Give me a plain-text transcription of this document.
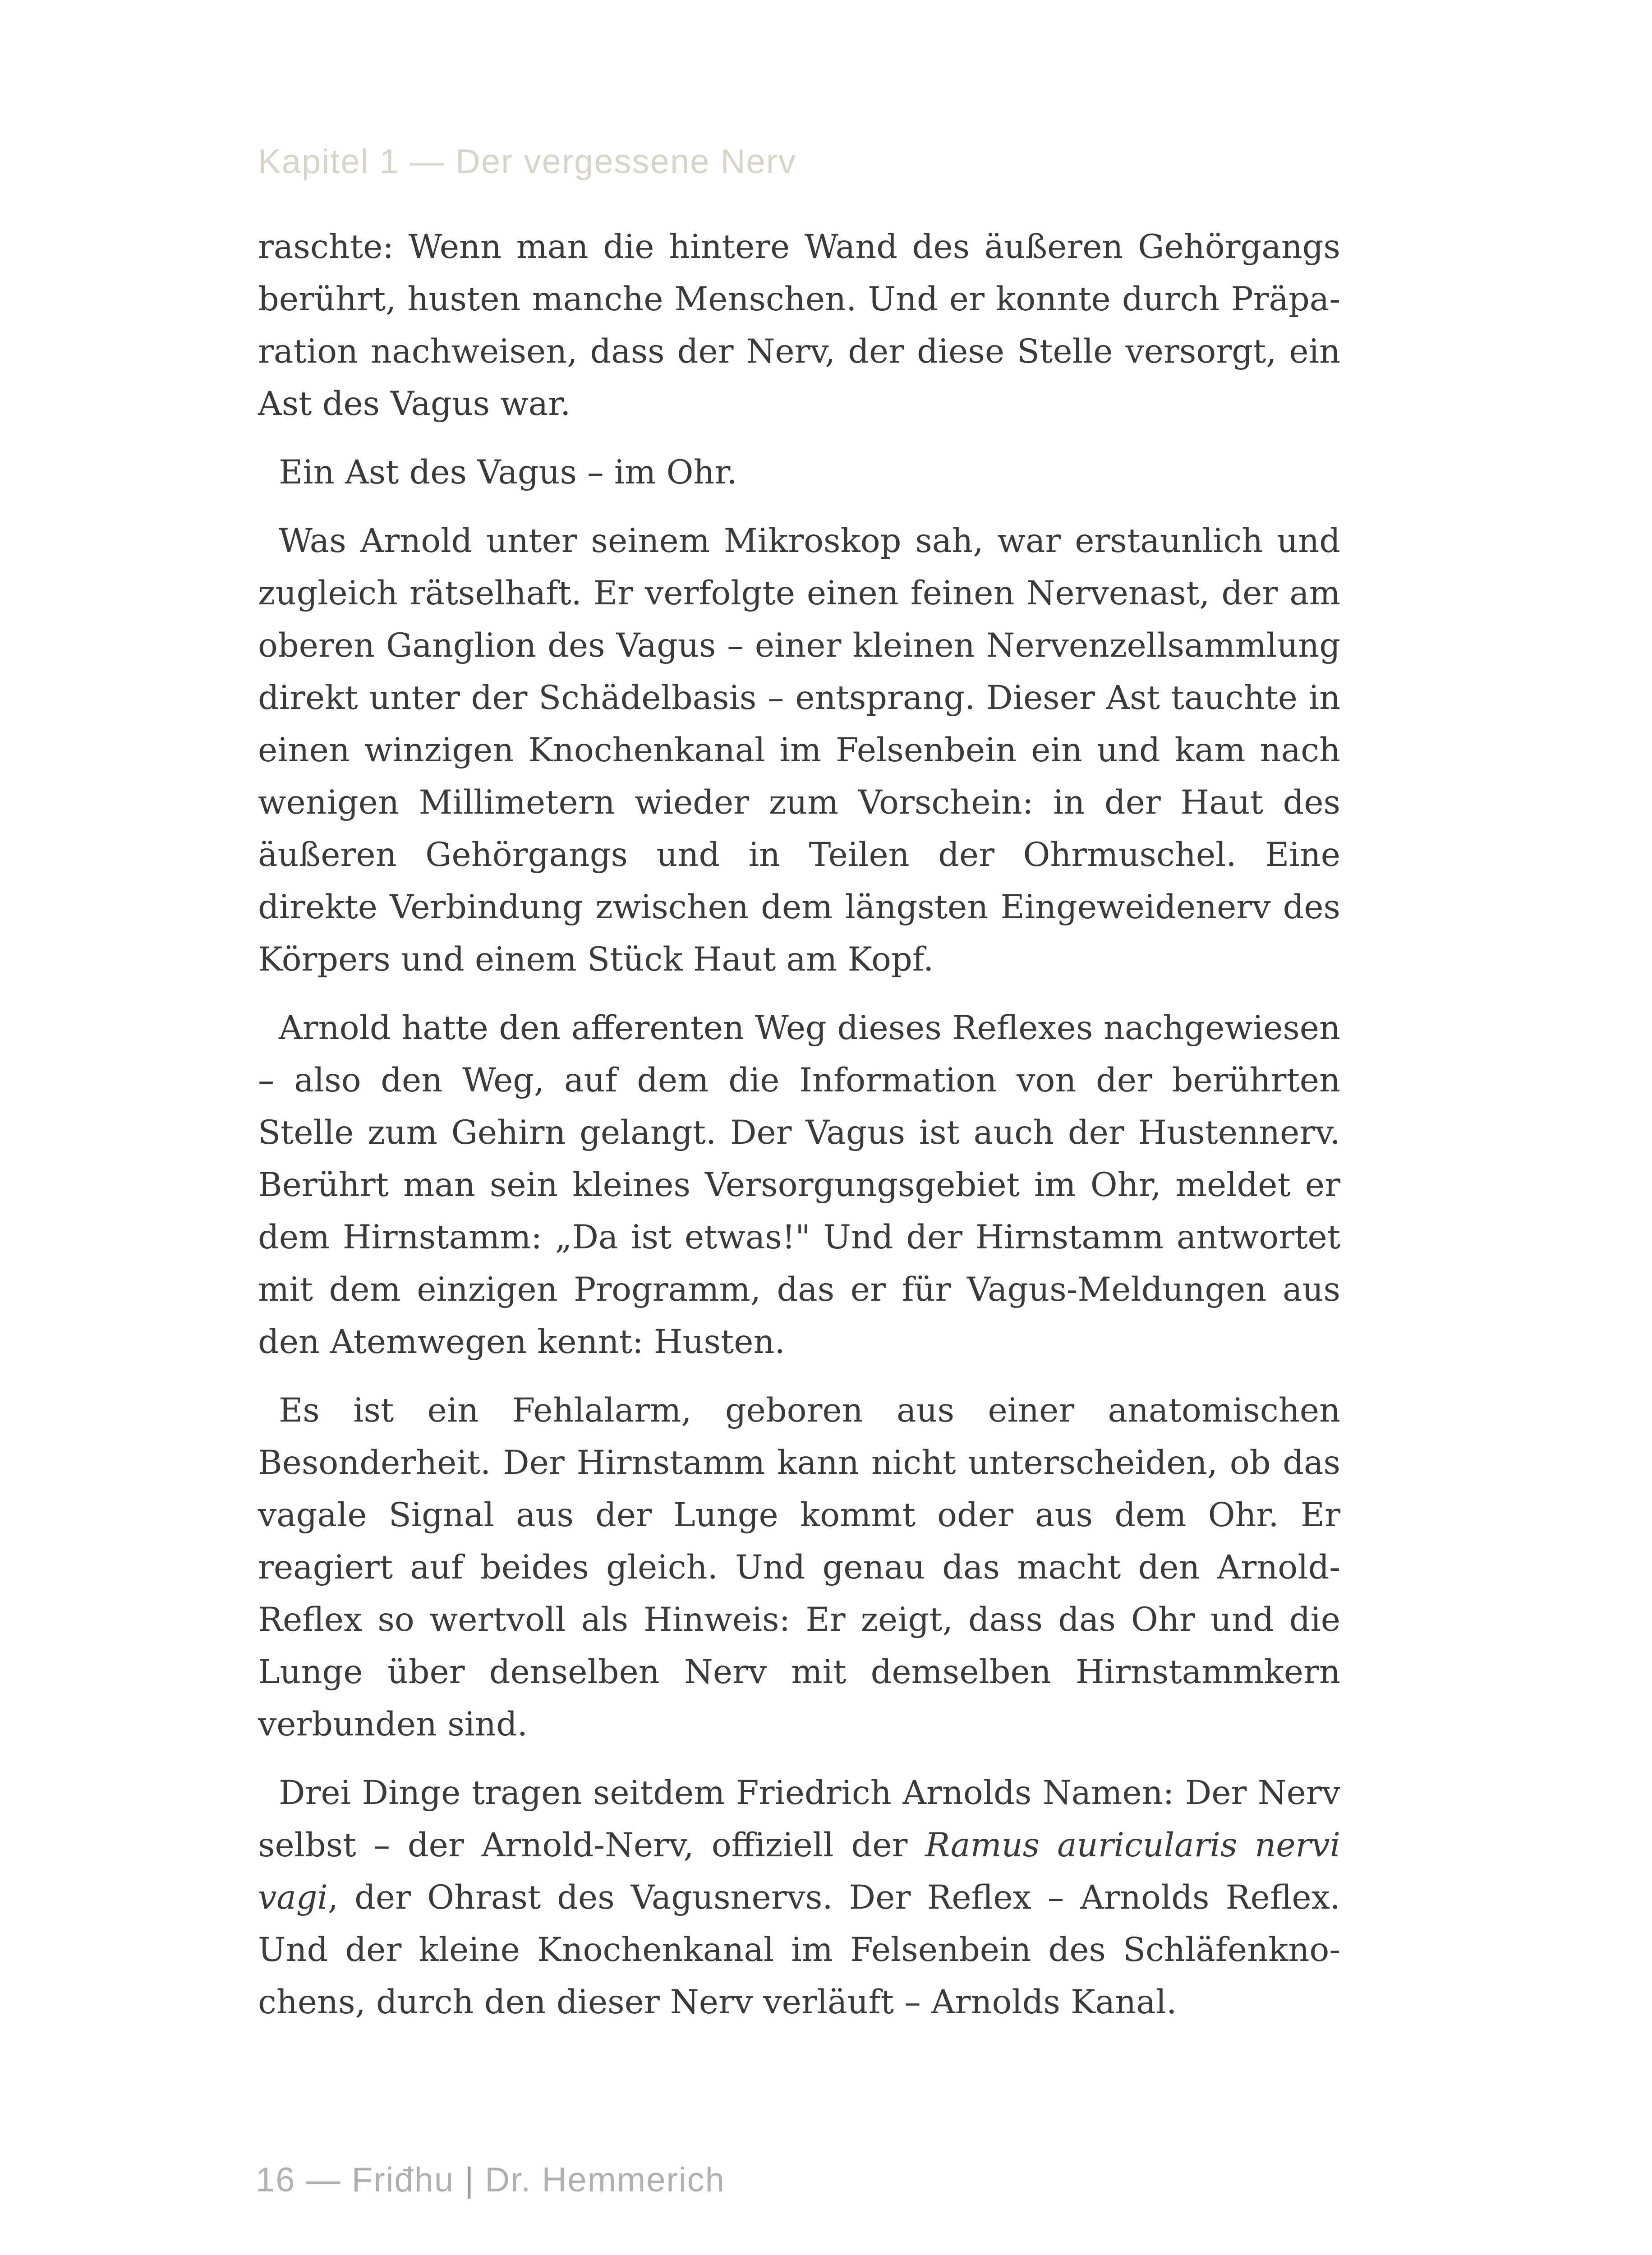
Kapitel 1 — Der vergessene Nerv

raschte: Wenn man die hintere Wand des äußeren Gehörgangs berührt, husten manche Menschen. Und er konnte durch Präparation nachweisen, dass der Nerv, der diese Stelle versorgt, ein Ast des Vagus war.

Ein Ast des Vagus – im Ohr.

Was Arnold unter seinem Mikroskop sah, war erstaunlich und zugleich rätselhaft. Er verfolgte einen feinen Nervenast, der am oberen Ganglion des Vagus – einer kleinen Nervenzellsammlung direkt unter der Schädelbasis – entsprang. Dieser Ast tauchte in einen winzigen Knochenkanal im Felsenbein ein und kam nach wenigen Millimetern wieder zum Vorschein: in der Haut des äußeren Gehörgangs und in Teilen der Ohrmuschel. Eine direkte Verbindung zwischen dem längsten Eingeweidenerv des Körpers und einem Stück Haut am Kopf.

Arnold hatte den afferenten Weg dieses Reflexes nachgewiesen – also den Weg, auf dem die Information von der berührten Stelle zum Gehirn gelangt. Der Vagus ist auch der Hustennerv. Berührt man sein kleines Versorgungsgebiet im Ohr, meldet er dem Hirnstamm: „Da ist etwas!" Und der Hirnstamm antwortet mit dem einzigen Programm, das er für Vagus-Meldungen aus den Atemwegen kennt: Husten.

Es ist ein Fehlalarm, geboren aus einer anatomischen Besonderheit. Der Hirnstamm kann nicht unterscheiden, ob das vagale Signal aus der Lunge kommt oder aus dem Ohr. Er reagiert auf beides gleich. Und genau das macht den Arnold-Reflex so wertvoll als Hinweis: Er zeigt, dass das Ohr und die Lunge über denselben Nerv mit demselben Hirnstammkern verbunden sind.

Drei Dinge tragen seitdem Friedrich Arnolds Namen: Der Nerv selbst – der Arnold-Nerv, offiziell der Ramus auricularis nervi vagi, der Ohrast des Vagusnervs. Der Reflex – Arnolds Reflex. Und der kleine Knochenkanal im Felsenbein des Schläfenknochens, durch den dieser Nerv verläuft – Arnolds Kanal.

16 — Friđhu | Dr. Hemmerich
